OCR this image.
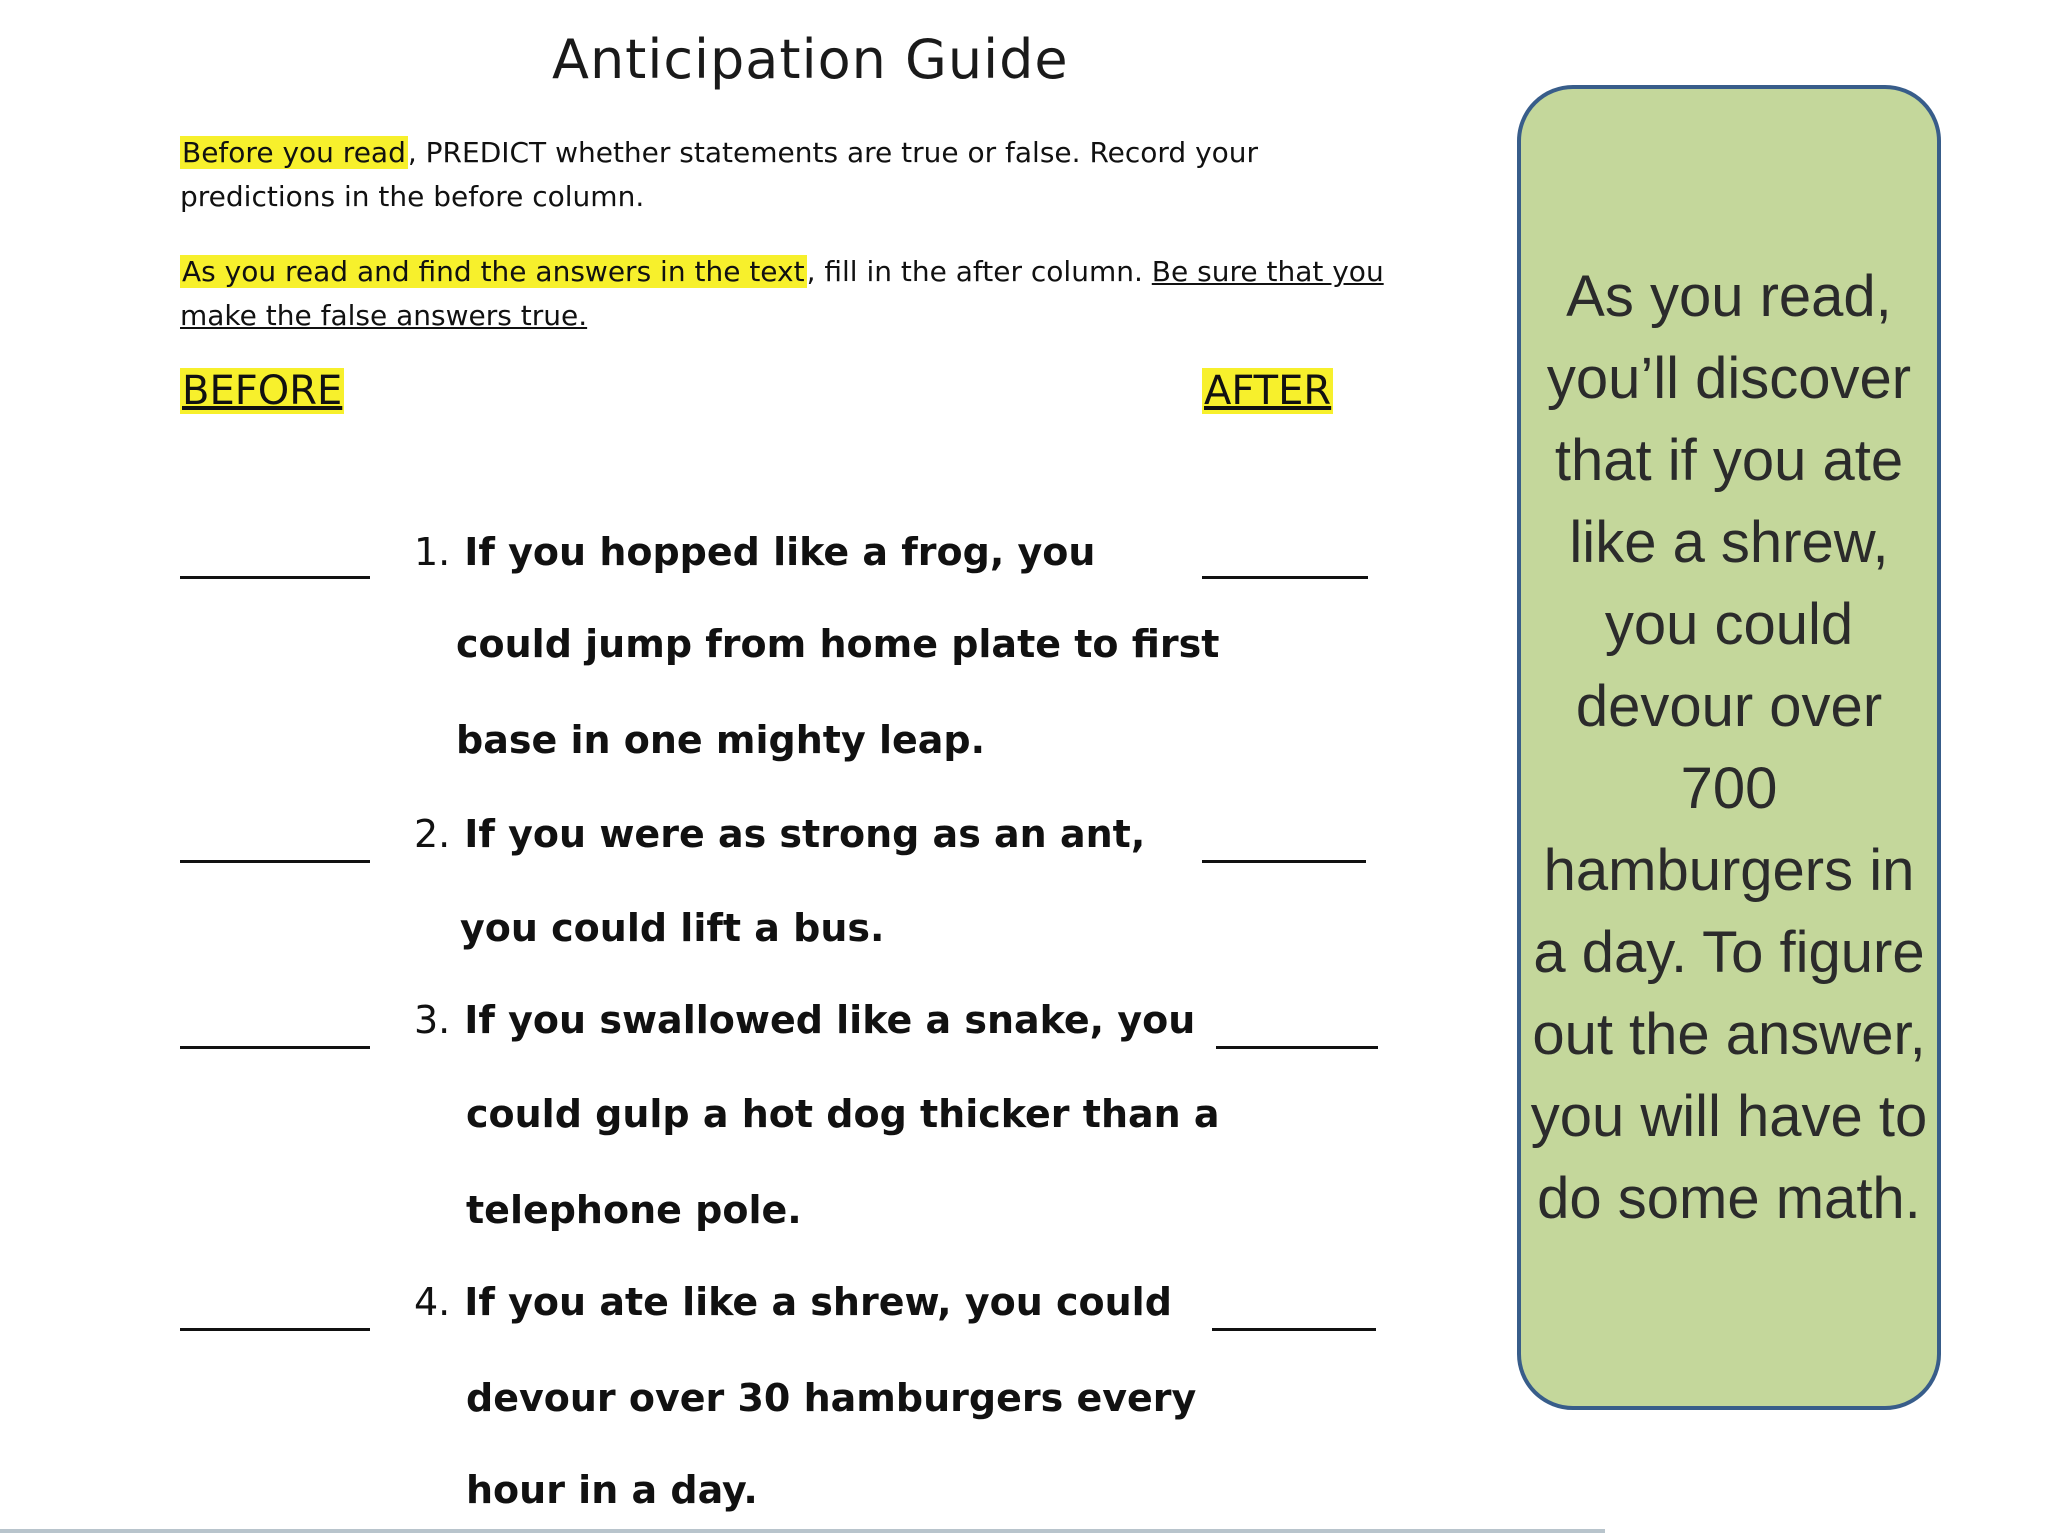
Anticipation Guide
Before you read, PREDICT whether statements are true or false. Record your predictions in the before column.
As you read and find the answers in the text, fill in the after column. Be sure that you make the false answers true.
BEFORE	AFTER
1. If you hopped like a frog, you
could jump from home plate to first
base in one mighty leap.
2. If you were as strong as an ant,
you could lift a bus.
3. If you swallowed like a snake, you
could gulp a hot dog thicker than a
telephone pole.
4. If you ate like a shrew, you could
devour over 30 hamburgers every
hour in a day.
As you read, you’ll discover that if you ate like a shrew, you could devour over 700 hamburgers in a day. To figure out the answer, you will have to do some math.
